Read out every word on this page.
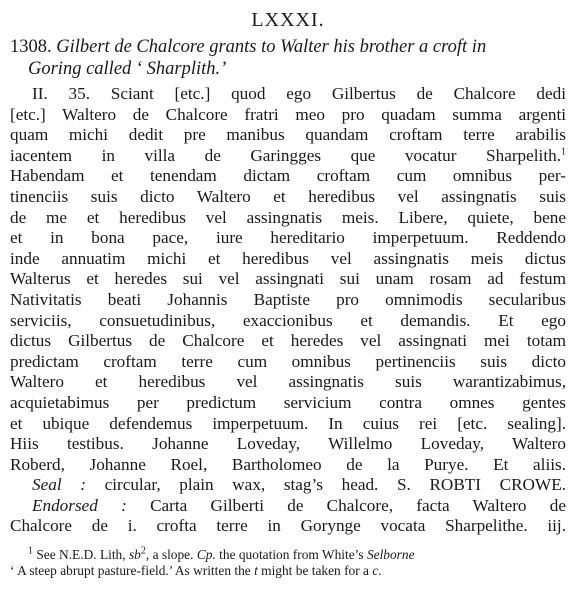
LXXXI.
1308. Gilbert de Chalcore grants to Walter his brother a croft in
Goring called ‘ Sharplith.’
II. 35. Sciant [etc.] quod ego Gilbertus de Chalcore dedi
[etc.] Waltero de Chalcore fratri meo pro quadam summa argenti
quam michi dedit pre manibus quandam croftam terre arabilis
iacentem in villa de Garingges que vocatur Sharpelith.$^1$
Habendam et tenendam dictam croftam cum omnibus per-
tinenciis suis dicto Waltero et heredibus vel assingnatis suis
de me et heredibus vel assingnatis meis. Libere, quiete, bene
et in bona pace, iure hereditario imperpetuum. Reddendo
inde annuatim michi et heredibus vel assingnatis meis dictus
Walterus et heredes sui vel assingnati sui unam rosam ad festum
Nativitatis beati Johannis Baptiste pro omnimodis secularibus
serviciis, consuetudinibus, exaccionibus et demandis. Et ego
dictus Gilbertus de Chalcore et heredes vel assingnati mei totam
predictam croftam terre cum omnibus pertinenciis suis dicto
Waltero et heredibus vel assingnatis suis warantizabimus,
acquietabimus per predictum servicium contra omnes gentes
et ubique defendemus imperpetuum. In cuius rei [etc. sealing].
Hiis testibus. Johanne Loveday, Willelmo Loveday, Waltero
Roberd, Johanne Roel, Bartholomeo de la Purye. Et aliis.
Seal : circular, plain wax, stag’s head. S. ROBTI CROWE.
Endorsed : Carta Gilberti de Chalcore, facta Waltero de
Chalcore de i. crofta terre in Gorynge vocata Sharpelithe. iij.
$^1$ See N.E.D. Lith, $sb^2$, a slope. Cp. the quotation from White’s Selborne
‘ A steep abrupt pasture-field.’ As written the t might be taken for a c.
